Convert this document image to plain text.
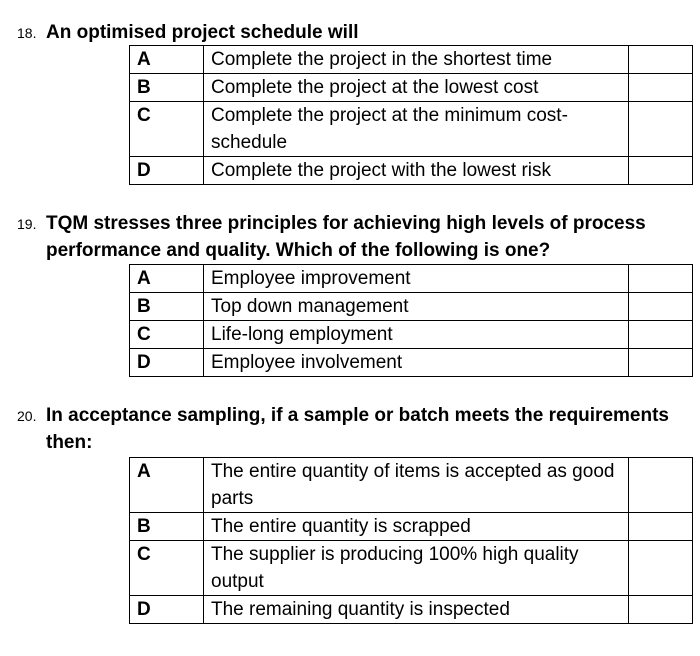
18. An optimised project schedule will
A	Complete the project in the shortest time	
B	Complete the project at the lowest cost	
C	Complete the project at the minimum cost-schedule	
D	Complete the project with the lowest risk	
19. TQM stresses three principles for achieving high levels of process performance and quality. Which of the following is one?
A	Employee improvement	
B	Top down management	
C	Life-long employment	
D	Employee involvement	
20. In acceptance sampling, if a sample or batch meets the requirements then:
A	The entire quantity of items is accepted as good parts	
B	The entire quantity is scrapped	
C	The supplier is producing 100% high quality output	
D	The remaining quantity is inspected	
